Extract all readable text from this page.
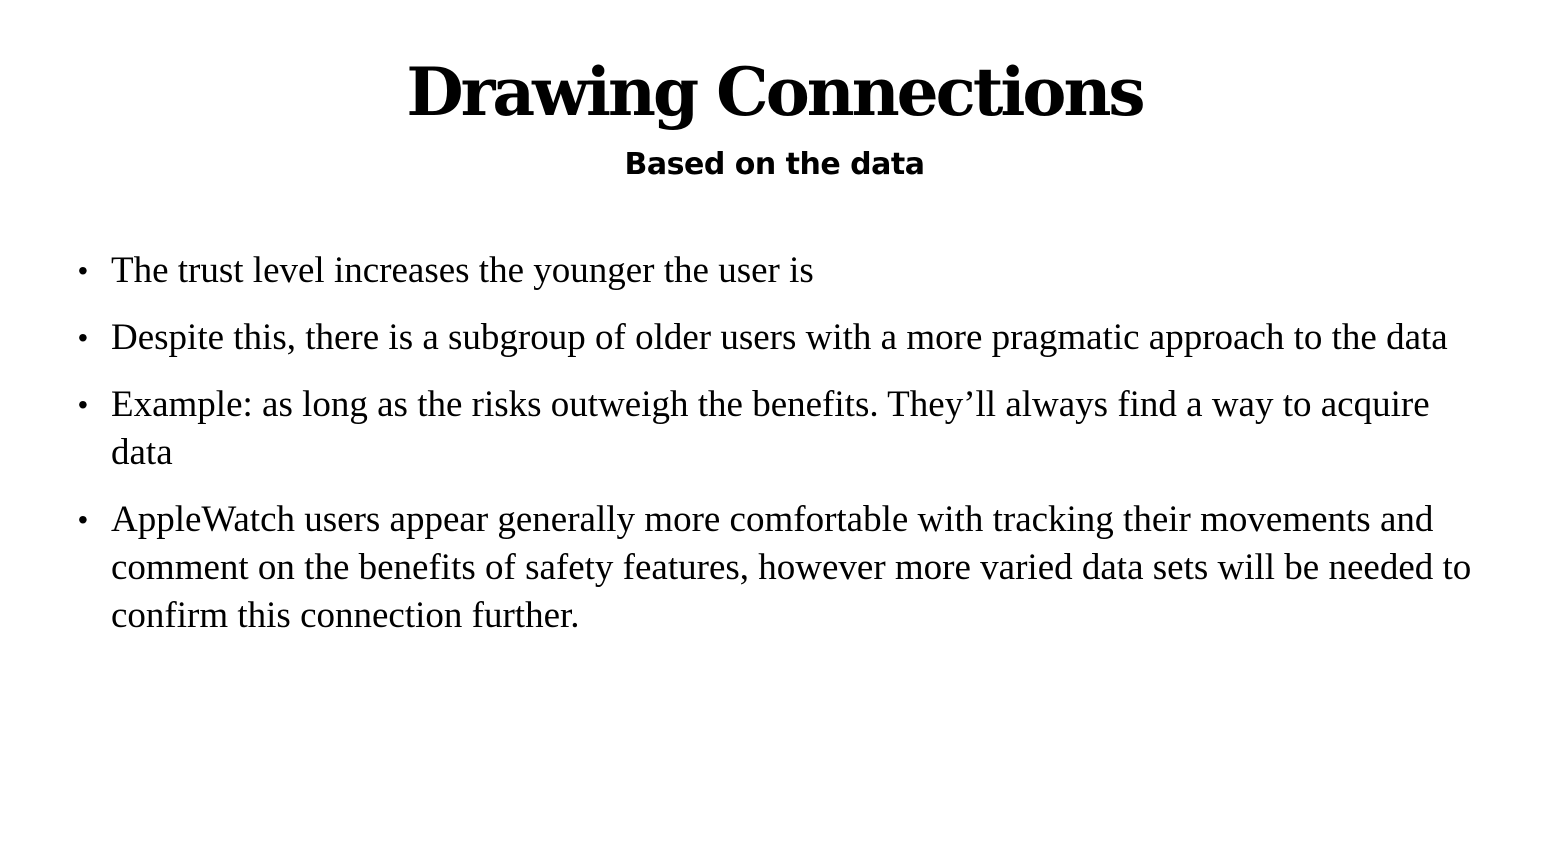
Drawing Connections
Based on the data
• The trust level increases the younger the user is
• Despite this, there is a subgroup of older users with a more pragmatic approach to the data
• Example: as long as the risks outweigh the benefits. They’ll always find a way to acquire data
• AppleWatch users appear generally more comfortable with tracking their movements and comment on the benefits of safety features, however more varied data sets will be needed to confirm this connection further.
